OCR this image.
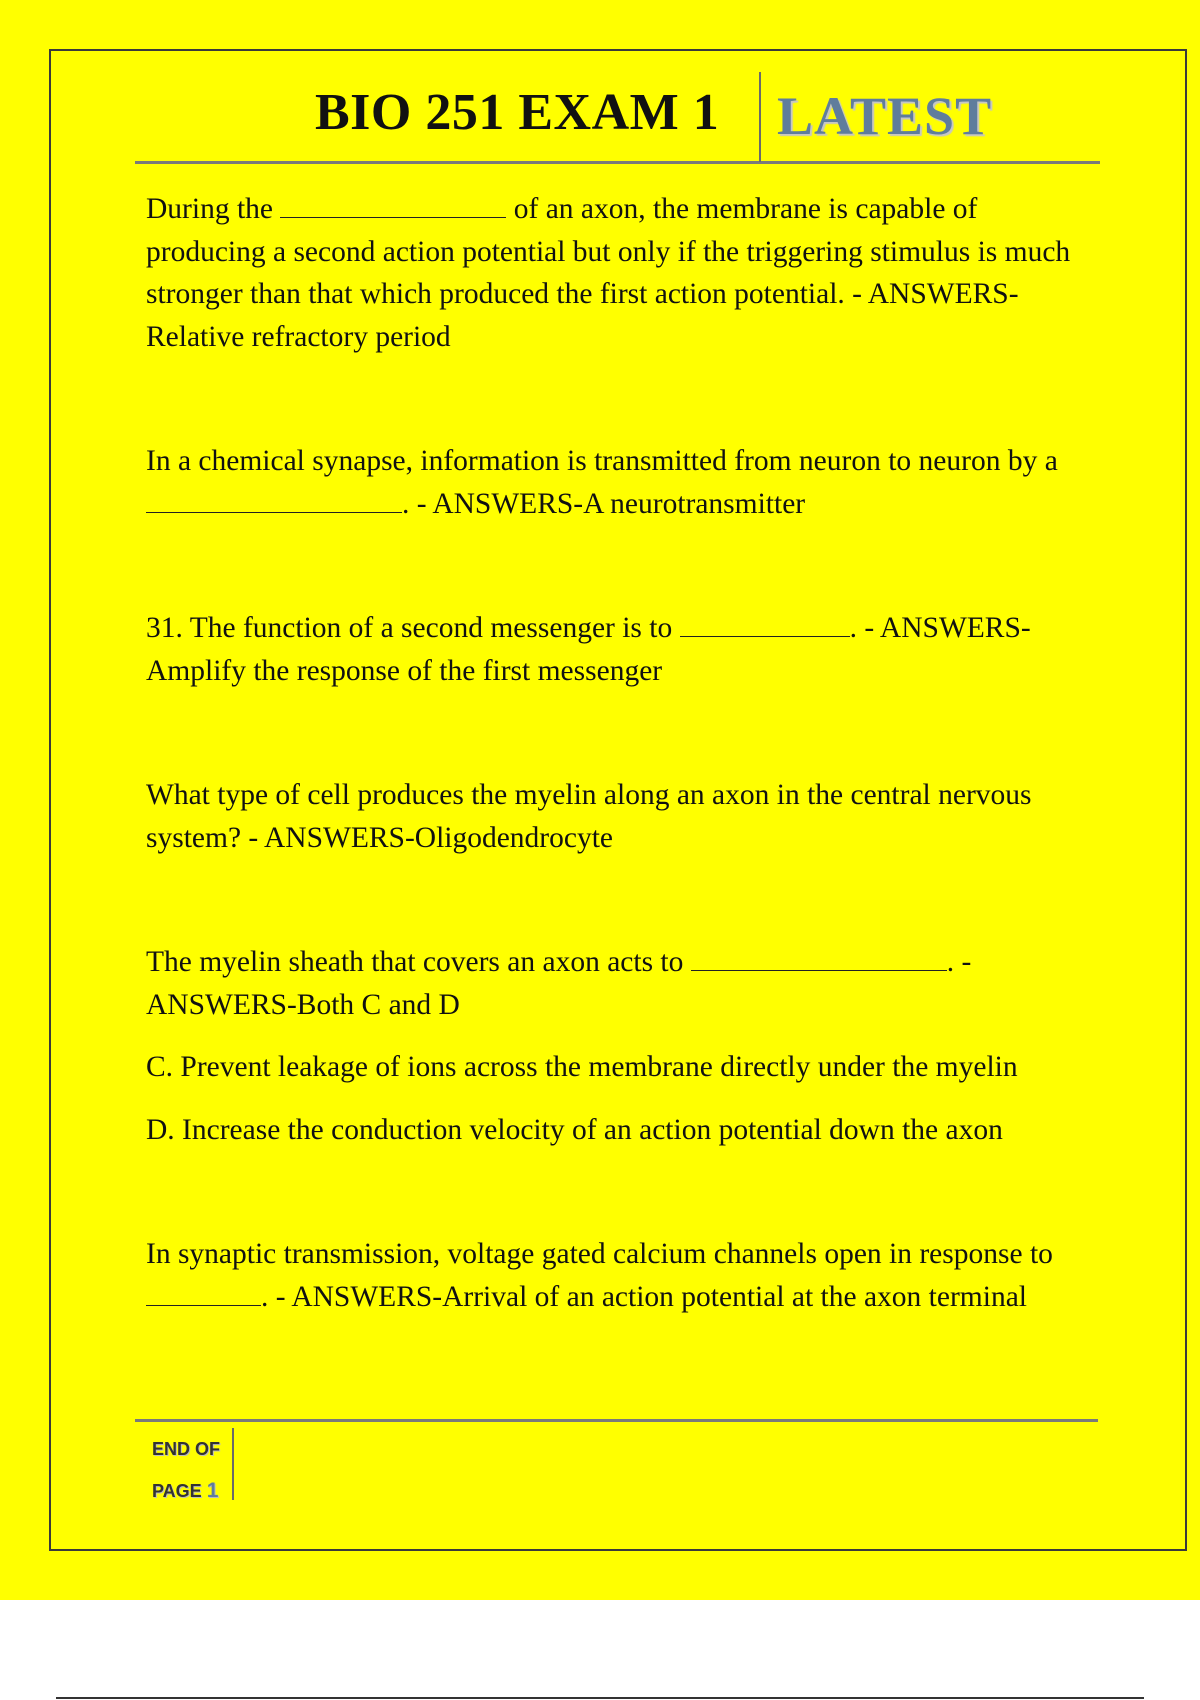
BIO 251 EXAM 1 LATEST

During the	of an axon, the membrane is capable of producing a second action potential but only if the triggering stimulus is much stronger than that which produced the first action potential. - ANSWERS-Relative refractory period

In a chemical synapse, information is transmitted from neuron to neuron by a . - ANSWERS-A neurotransmitter

31. The function of a second messenger is to	. - ANSWERS-Amplify the response of the first messenger

What type of cell produces the myelin along an axon in the central nervous system? - ANSWERS-Oligodendrocyte

The myelin sheath that covers an axon acts to	. - ANSWERS-Both C and D

C. Prevent leakage of ions across the membrane directly under the myelin

D. Increase the conduction velocity of an action potential down the axon

In synaptic transmission, voltage gated calcium channels open in response to . - ANSWERS-Arrival of an action potential at the axon terminal

END OF
PAGE 1
